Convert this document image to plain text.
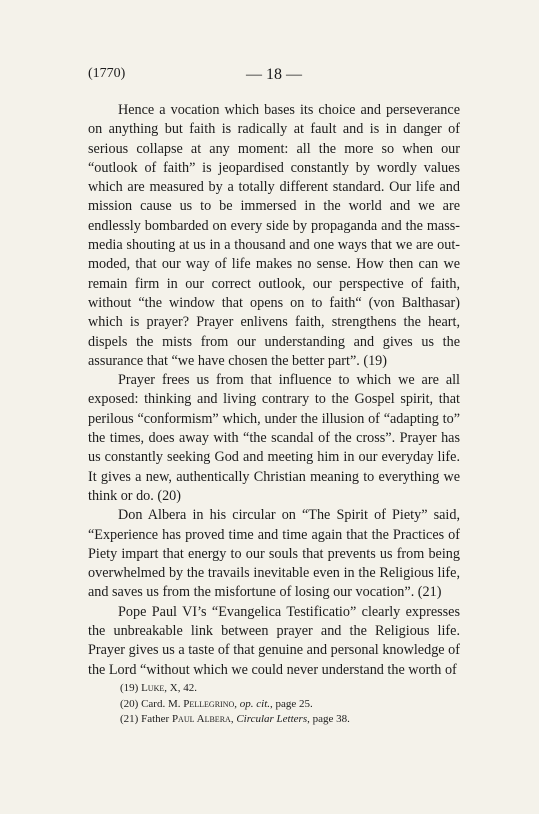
(1770)	— 18 —

Hence a vocation which bases its choice and perseverance on anything but faith is radically at fault and is in danger of serious collapse at any moment: all the more so when our “outlook of faith” is jeopardised constantly by wordly values which are measured by a totally different standard. Our life and mission cause us to be immersed in the world and we are endlessly bombarded on every side by propaganda and the mass-media shouting at us in a thousand and one ways that we are out-moded, that our way of life makes no sense. How then can we remain firm in our correct outlook, our perspective of faith, without “the window that opens on to faith“ (von Balthasar) which is prayer? Prayer enlivens faith, strengthens the heart, dispels the mists from our understanding and gives us the assurance that “we have chosen the better part”. (19)

Prayer frees us from that influence to which we are all exposed: thinking and living contrary to the Gospel spirit, that perilous “conformism” which, under the illusion of “adapting to” the times, does away with “the scandal of the cross”. Prayer has us constantly seeking God and meeting him in our everyday life. It gives a new, authentically Christian meaning to everything we think or do. (20)

Don Albera in his circular on “The Spirit of Piety” said, “Experience has proved time and time again that the Practices of Piety impart that energy to our souls that prevents us from being overwhelmed by the travails inevitable even in the Religious life, and saves us from the misfortune of losing our vocation”. (21)

Pope Paul VI’s “Evangelica Testificatio” clearly expresses the unbreakable link between prayer and the Religious life. Prayer gives us a taste of that genuine and personal knowledge of the Lord “without which we could never understand the worth of

(19) Luke, X, 42.
(20) Card. M. Pellegrino, op. cit., page 25.
(21) Father Paul Albera, Circular Letters, page 38.
